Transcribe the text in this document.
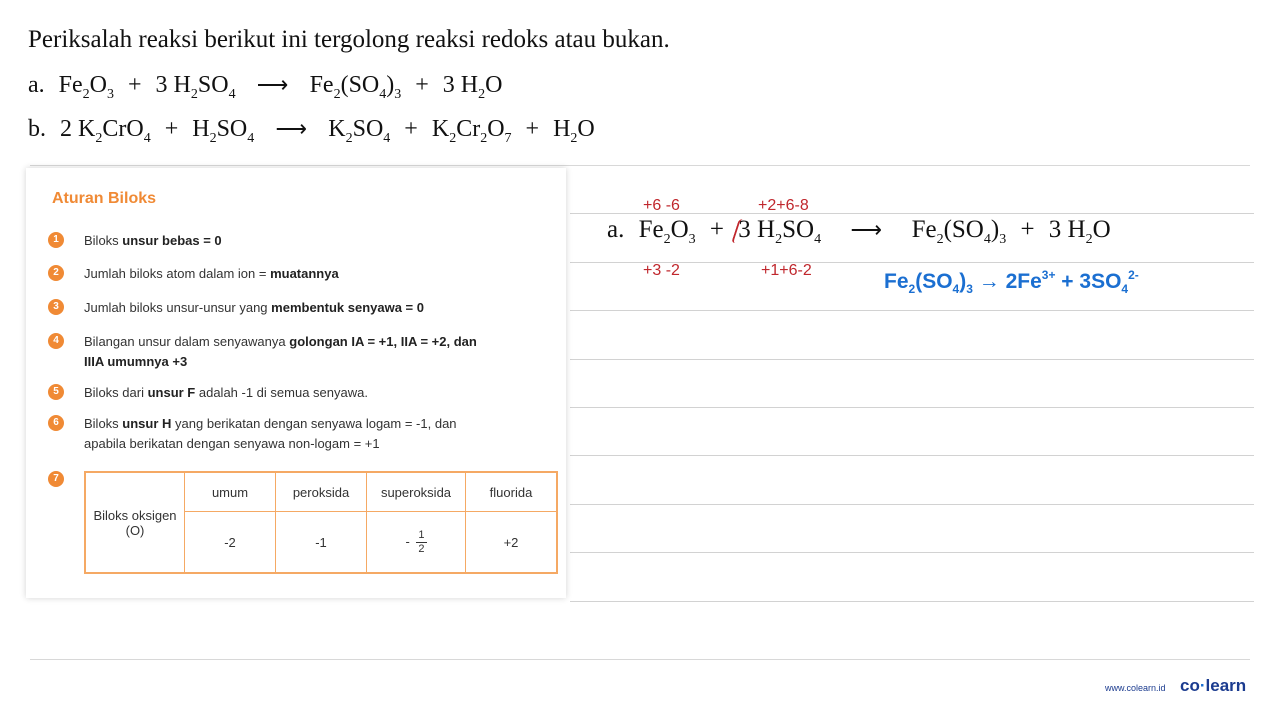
Periksalah reaksi berikut ini tergolong reaksi redoks atau bukan.
a. $Fe_2O_3 + 3$ $H_2SO_4$ ⟶ $Fe_2(SO_4)_3 + 3$ $H_2O$
b. 2 $K_2CrO_4 + H_2SO_4$ ⟶ $K_2SO_4 + K_2Cr_2O_7 + H_2O$
Aturan Biloks
1	Biloks unsur bebas = 0
2	Jumlah biloks atom dalam ion = muatannya
3	Jumlah biloks unsur-unsur yang membentuk senyawa = 0
4	Bilangan unsur dalam senyawanya golongan IA = +1, IIA = +2, dan IIIA umumnya +3
5	Biloks dari unsur F adalah -1 di semua senyawa.
6	Biloks unsur H yang berikatan dengan senyawa logam = -1, dan apabila berikatan dengan senyawa non-logam = +1
7
Biloks oksigen (O)	umum	peroksida	superoksida	fluorida
	-2	-1	- $\frac{1}{2}$	+2
+6 -6	+2+6-8
+3 -2	+1+6-2
a. $Fe_2O_3 + 3$ $H_2SO_4$ ⟶ $Fe_2(SO_4)_3 + 3$ $H_2O$
$Fe_2(SO_4)_3 \to 2Fe^{3+} + 3SO_4^{2-}$
www.colearn.id co·learn
